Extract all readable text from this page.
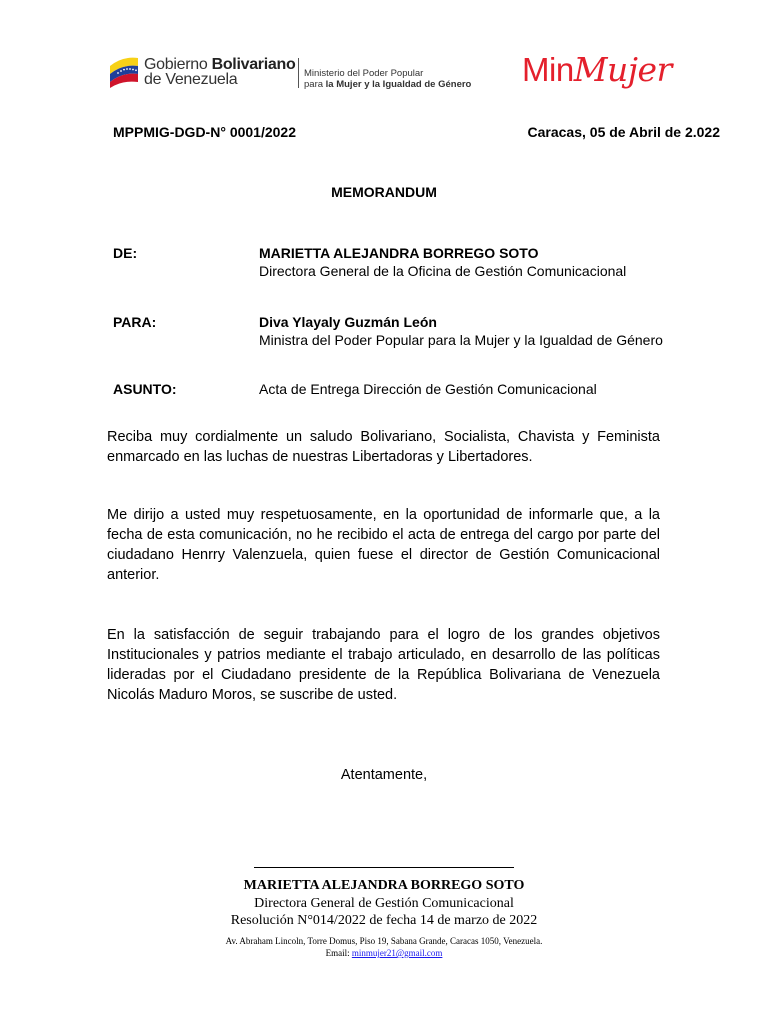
Gobierno Bolivariano
de Venezuela	Ministerio del Poder Popular
para la Mujer y la Igualdad de Género MinMujer
MPPMIG-DGD-N° 0001/2022	Caracas, 05 de Abril de 2.022
MEMORANDUM
DE:	MARIETTA ALEJANDRA BORREGO SOTO
Directora General de la Oficina de Gestión Comunicacional
PARA:	Diva Ylayaly Guzmán León
Ministra del Poder Popular para la Mujer y la Igualdad de Género
ASUNTO:	Acta de Entrega Dirección de Gestión Comunicacional
Reciba muy cordialmente un saludo Bolivariano, Socialista, Chavista y Feminista enmarcado en las luchas de nuestras Libertadoras y Libertadores.
Me dirijo a usted muy respetuosamente, en la oportunidad de informarle que, a la fecha de esta comunicación, no he recibido el acta de entrega del cargo por parte del ciudadano Henrry Valenzuela, quien fuese el director de Gestión Comunicacional anterior.
En la satisfacción de seguir trabajando para el logro de los grandes objetivos Institucionales y patrios mediante el trabajo articulado, en desarrollo de las políticas lideradas por el Ciudadano presidente de la República Bolivariana de Venezuela Nicolás Maduro Moros, se suscribe de usted.
Atentamente,
MARIETTA ALEJANDRA BORREGO SOTO
Directora General de Gestión Comunicacional
Resolución N°014/2022 de fecha 14 de marzo de 2022
Av. Abraham Lincoln, Torre Domus, Piso 19, Sabana Grande, Caracas 1050, Venezuela.
Email: minmujer21@gmail.com
